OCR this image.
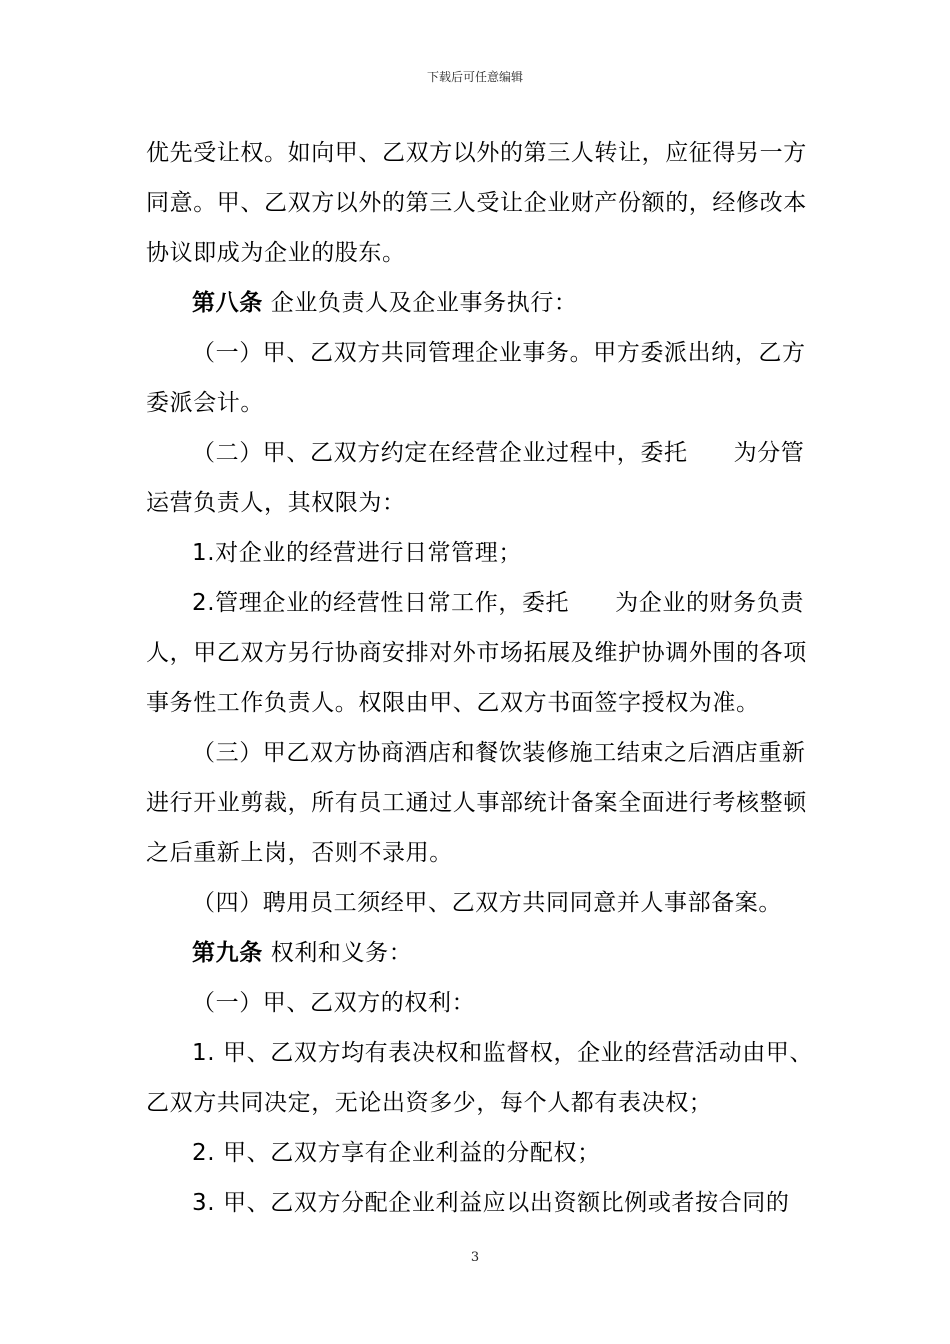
下载后可任意编辑

优先受让权。如向甲、乙双方以外的第三人转让，应征得另一方同意。甲、乙双方以外的第三人受让企业财产份额的，经修改本协议即成为企业的股东。

第八条 企业负责人及企业事务执行：

（一）甲、乙双方共同管理企业事务。甲方委派出纳，乙方委派会计。

（二）甲、乙双方约定在经营企业过程中，委托 为分管运营负责人，其权限为：

1.对企业的经营进行日常管理；

2.管理企业的经营性日常工作，委托 为企业的财务负责人，甲乙双方另行协商安排对外市场拓展及维护协调外围的各项事务性工作负责人。权限由甲、乙双方书面签字授权为准。

（三）甲乙双方协商酒店和餐饮装修施工结束之后酒店重新进行开业剪裁，所有员工通过人事部统计备案全面进行考核整顿之后重新上岗，否则不录用。

（四）聘用员工须经甲、乙双方共同同意并人事部备案。

第九条 权利和义务：

（一）甲、乙双方的权利：

1. 甲、乙双方均有表决权和监督权，企业的经营活动由甲、乙双方共同决定，无论出资多少，每个人都有表决权；

2. 甲、乙双方享有企业利益的分配权；

3. 甲、乙双方分配企业利益应以出资额比例或者按合同的

3
